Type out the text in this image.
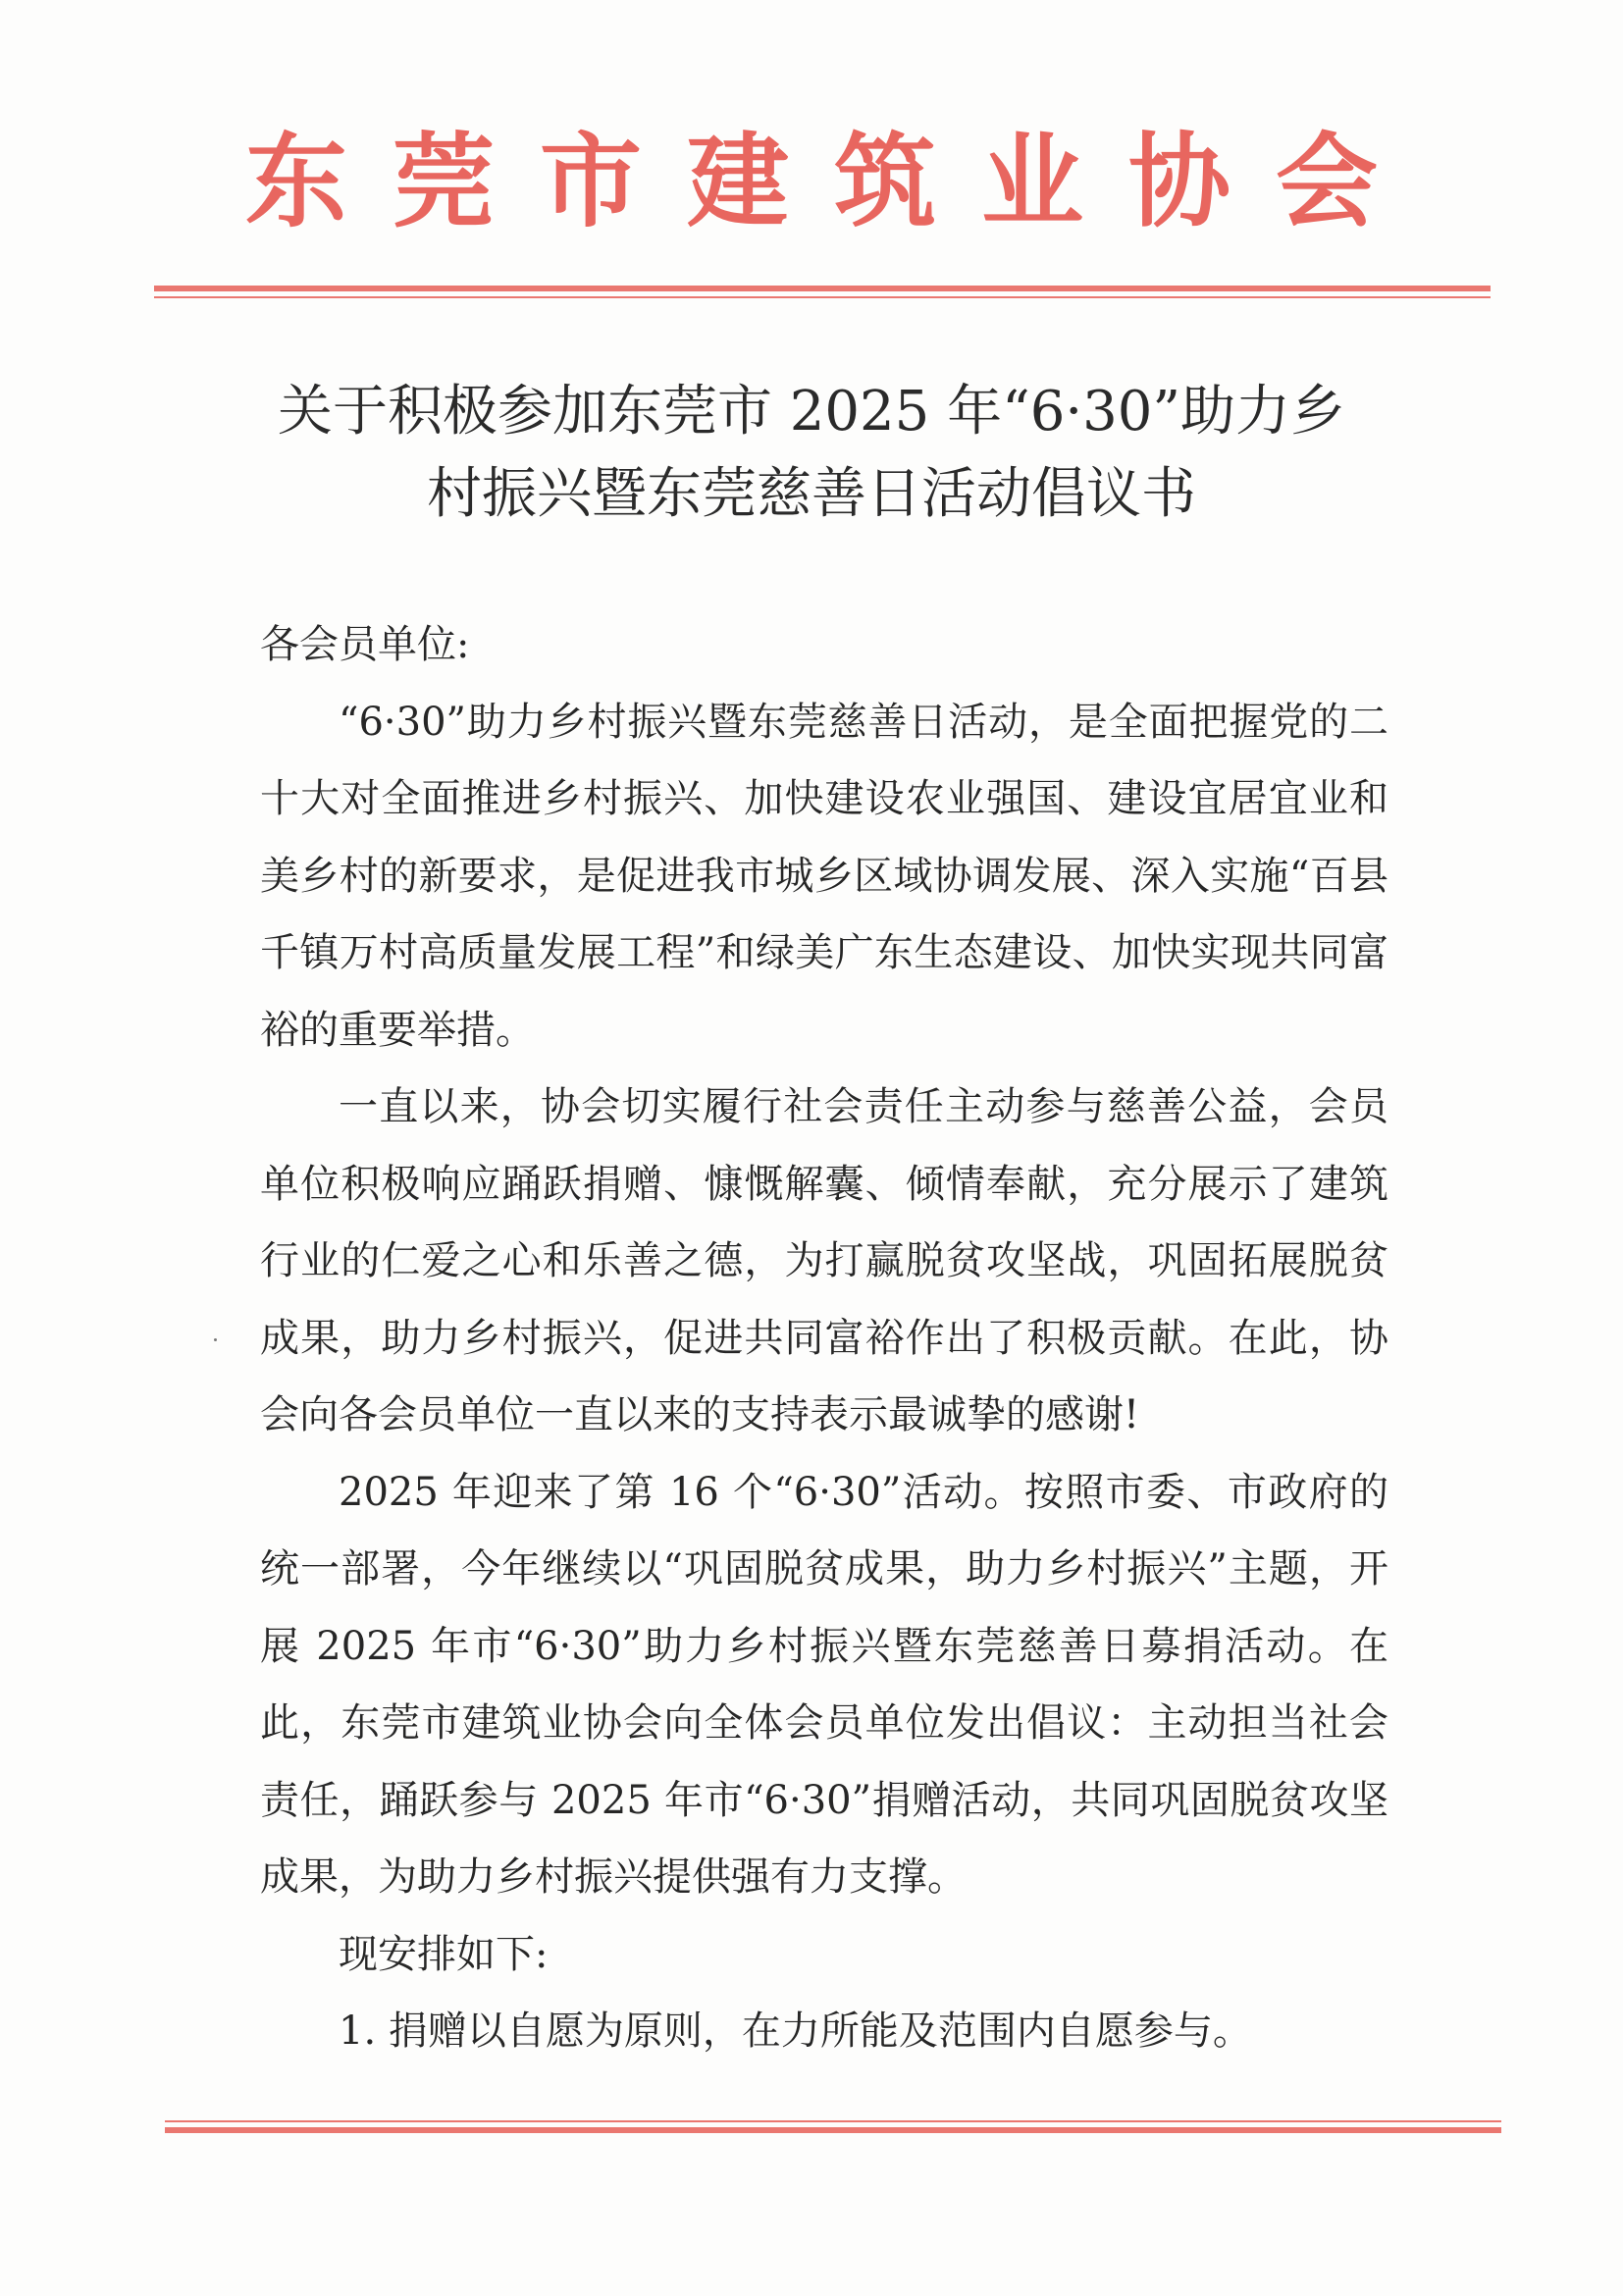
东莞市建筑业协会
关于积极参加东莞市 2025 年“6·30”助力乡
村振兴暨东莞慈善日活动倡议书

各会员单位:

“6·30”助力乡村振兴暨东莞慈善日活动，是全面把握党的二十大对全面推进乡村振兴、加快建设农业强国、建设宜居宜业和美乡村的新要求，是促进我市城乡区域协调发展、深入实施“百县千镇万村高质量发展工程”和绿美广东生态建设、加快实现共同富裕的重要举措。

一直以来，协会切实履行社会责任主动参与慈善公益，会员单位积极响应踊跃捐赠、慷慨解囊、倾情奉献，充分展示了建筑行业的仁爱之心和乐善之德，为打赢脱贫攻坚战，巩固拓展脱贫成果，助力乡村振兴，促进共同富裕作出了积极贡献。在此，协会向各会员单位一直以来的支持表示最诚挚的感谢!

2025 年迎来了第 16 个“6·30”活动。按照市委、市政府的统一部署，今年继续以“巩固脱贫成果，助力乡村振兴”主题，开展 2025 年市“6·30”助力乡村振兴暨东莞慈善日募捐活动。在此，东莞市建筑业协会向全体会员单位发出倡议：主动担当社会责任，踊跃参与 2025 年市“6·30”捐赠活动，共同巩固脱贫攻坚成果，为助力乡村振兴提供强有力支撑。

现安排如下:

1. 捐赠以自愿为原则，在力所能及范围内自愿参与。
